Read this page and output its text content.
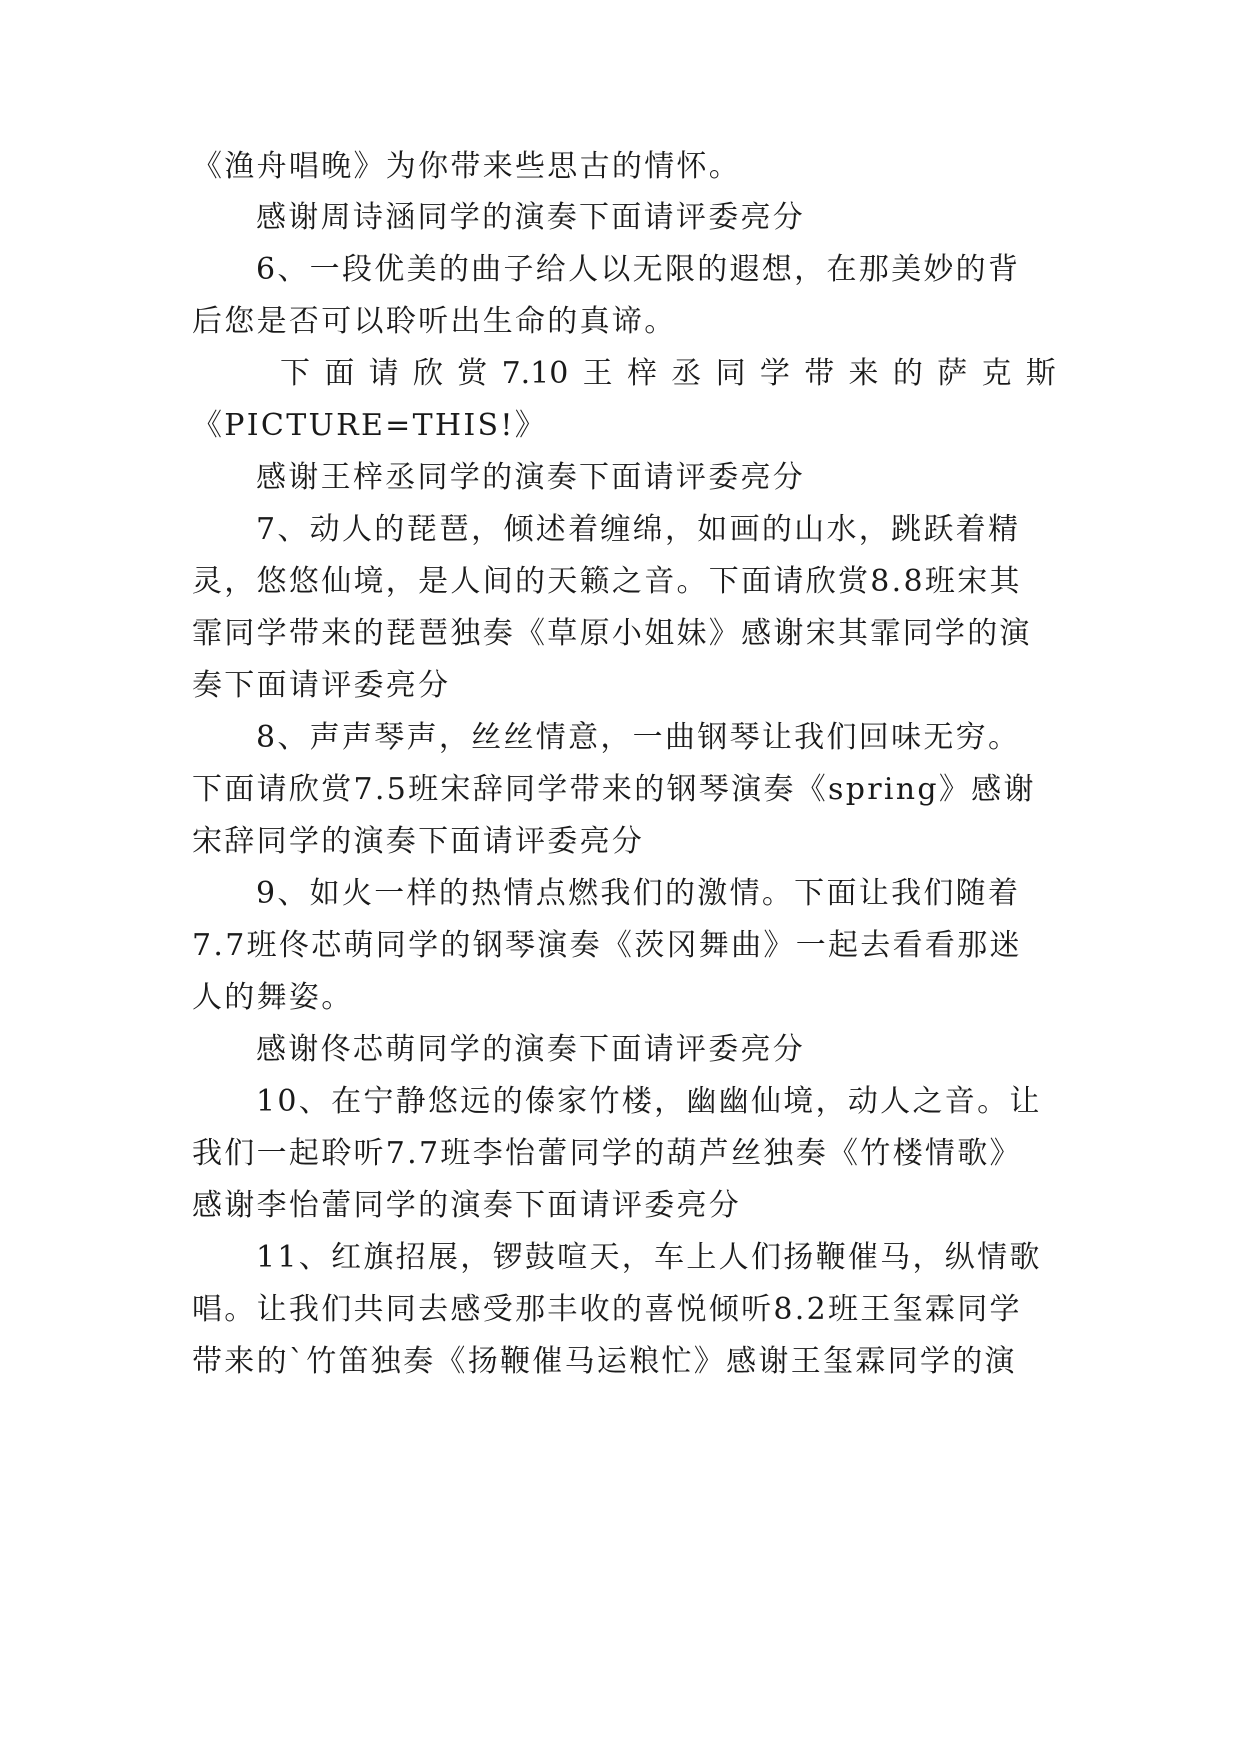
《渔舟唱晚》为你带来些思古的情怀。
感谢周诗涵同学的演奏下面请评委亮分
6、一段优美的曲子给人以无限的遐想，在那美妙的背
后您是否可以聆听出生命的真谛。
下 面 请 欣 赏 7.10 王 梓 丞 同 学 带 来 的 萨 克 斯
《PICTURE=THIS!》
感谢王梓丞同学的演奏下面请评委亮分
7、动人的琵琶，倾述着缠绵，如画的山水，跳跃着精
灵，悠悠仙境，是人间的天籁之音。下面请欣赏8.8班宋其
霏同学带来的琵琶独奏《草原小姐妹》感谢宋其霏同学的演
奏下面请评委亮分
8、声声琴声，丝丝情意，一曲钢琴让我们回味无穷。
下面请欣赏7.5班宋辞同学带来的钢琴演奏《spring》感谢
宋辞同学的演奏下面请评委亮分
9、如火一样的热情点燃我们的激情。下面让我们随着
7.7班佟芯萌同学的钢琴演奏《茨冈舞曲》一起去看看那迷
人的舞姿。
感谢佟芯萌同学的演奏下面请评委亮分
10、在宁静悠远的傣家竹楼，幽幽仙境，动人之音。让
我们一起聆听7.7班李怡蕾同学的葫芦丝独奏《竹楼情歌》
感谢李怡蕾同学的演奏下面请评委亮分
11、红旗招展，锣鼓喧天，车上人们扬鞭催马，纵情歌
唱。让我们共同去感受那丰收的喜悦倾听8.2班王玺霖同学
带来的`竹笛独奏《扬鞭催马运粮忙》感谢王玺霖同学的演
